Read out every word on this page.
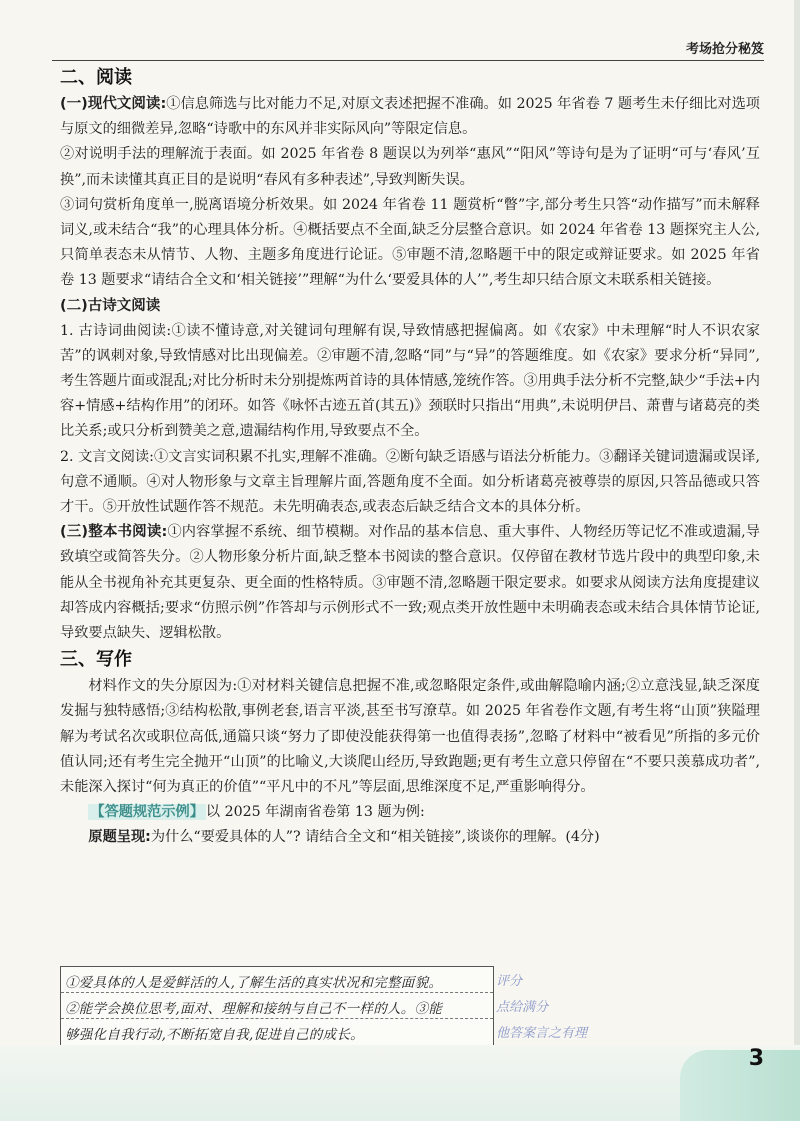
考场抢分秘笈
二、阅读

(一)现代文阅读:①信息筛选与比对能力不足,对原文表述把握不准确。如 2025 年省卷 7 题考生未仔细比对选项与原文的细微差异,忽略“诗歌中的东风并非实际风向”等限定信息。

②对说明手法的理解流于表面。如 2025 年省卷 8 题误以为列举“惠风”“阳风”等诗句是为了证明“可与‘春风’互换”,而未读懂其真正目的是说明“春风有多种表述”,导致判断失误。

③词句赏析角度单一,脱离语境分析效果。如 2024 年省卷 11 题赏析“瞥”字,部分考生只答“动作描写”而未解释词义,或未结合“我”的心理具体分析。④概括要点不全面,缺乏分层整合意识。如 2024 年省卷 13 题探究主人公,只简单表态未从情节、人物、主题多角度进行论证。⑤审题不清,忽略题干中的限定或辩证要求。如 2025 年省卷 13 题要求“请结合全文和‘相关链接’”理解“为什么‘要爱具体的人’”,考生却只结合原文未联系相关链接。

(二)古诗文阅读

1. 古诗词曲阅读:①读不懂诗意,对关键词句理解有误,导致情感把握偏离。如《农家》中未理解“时人不识农家苦”的讽刺对象,导致情感对比出现偏差。②审题不清,忽略“同”与“异”的答题维度。如《农家》要求分析“异同”,考生答题片面或混乱;对比分析时未分别提炼两首诗的具体情感,笼统作答。③用典手法分析不完整,缺少“手法+内容+情感+结构作用”的闭环。如答《咏怀古迹五首(其五)》颈联时只指出“用典”,未说明伊吕、萧曹与诸葛亮的类比关系;或只分析到赞美之意,遗漏结构作用,导致要点不全。

2. 文言文阅读:①文言实词积累不扎实,理解不准确。②断句缺乏语感与语法分析能力。③翻译关键词遗漏或误译,句意不通顺。④对人物形象与文章主旨理解片面,答题角度不全面。如分析诸葛亮被尊崇的原因,只答品德或只答才干。⑤开放性试题作答不规范。未先明确表态,或表态后缺乏结合文本的具体分析。

(三)整本书阅读:①内容掌握不系统、细节模糊。对作品的基本信息、重大事件、人物经历等记忆不准或遗漏,导致填空或简答失分。②人物形象分析片面,缺乏整本书阅读的整合意识。仅停留在教材节选片段中的典型印象,未能从全书视角补充其更复杂、更全面的性格特质。③审题不清,忽略题干限定要求。如要求从阅读方法角度提建议却答成内容概括;要求“仿照示例”作答却与示例形式不一致;观点类开放性题中未明确表态或未结合具体情节论证,导致要点缺失、逻辑松散。

三、写作

材料作文的失分原因为:①对材料关键信息把握不准,或忽略限定条件,或曲解隐喻内涵;②立意浅显,缺乏深度发掘与独特感悟;③结构松散,事例老套,语言平淡,甚至书写潦草。如 2025 年省卷作文题,有考生将“山顶”狭隘理解为考试名次或职位高低,通篇只谈“努力了即使没能获得第一也值得表扬”,忽略了材料中“被看见”所指的多元价值认同;还有考生完全抛开“山顶”的比喻义,大谈爬山经历,导致跑题;更有考生立意只停留在“不要只羡慕成功者”,未能深入探讨“何为真正的价值”“平凡中的不凡”等层面,思维深度不足,严重影响得分。

【答题规范示例】 以 2025 年湖南省卷第 13 题为例:

原题呈现:为什么“要爱具体的人”? 请结合全文和“相关链接”,谈谈你的理解。(4分)

①爱具体的人是爱鲜活的人,了解生活的真实状况和完整面貌。
②能学会换位思考,面对、理解和接纳与自己不一样的人。③能
够强化自我行动,不断拓宽自我,促进自己的成长。
评分
点给满分
他答案言之有理
3
